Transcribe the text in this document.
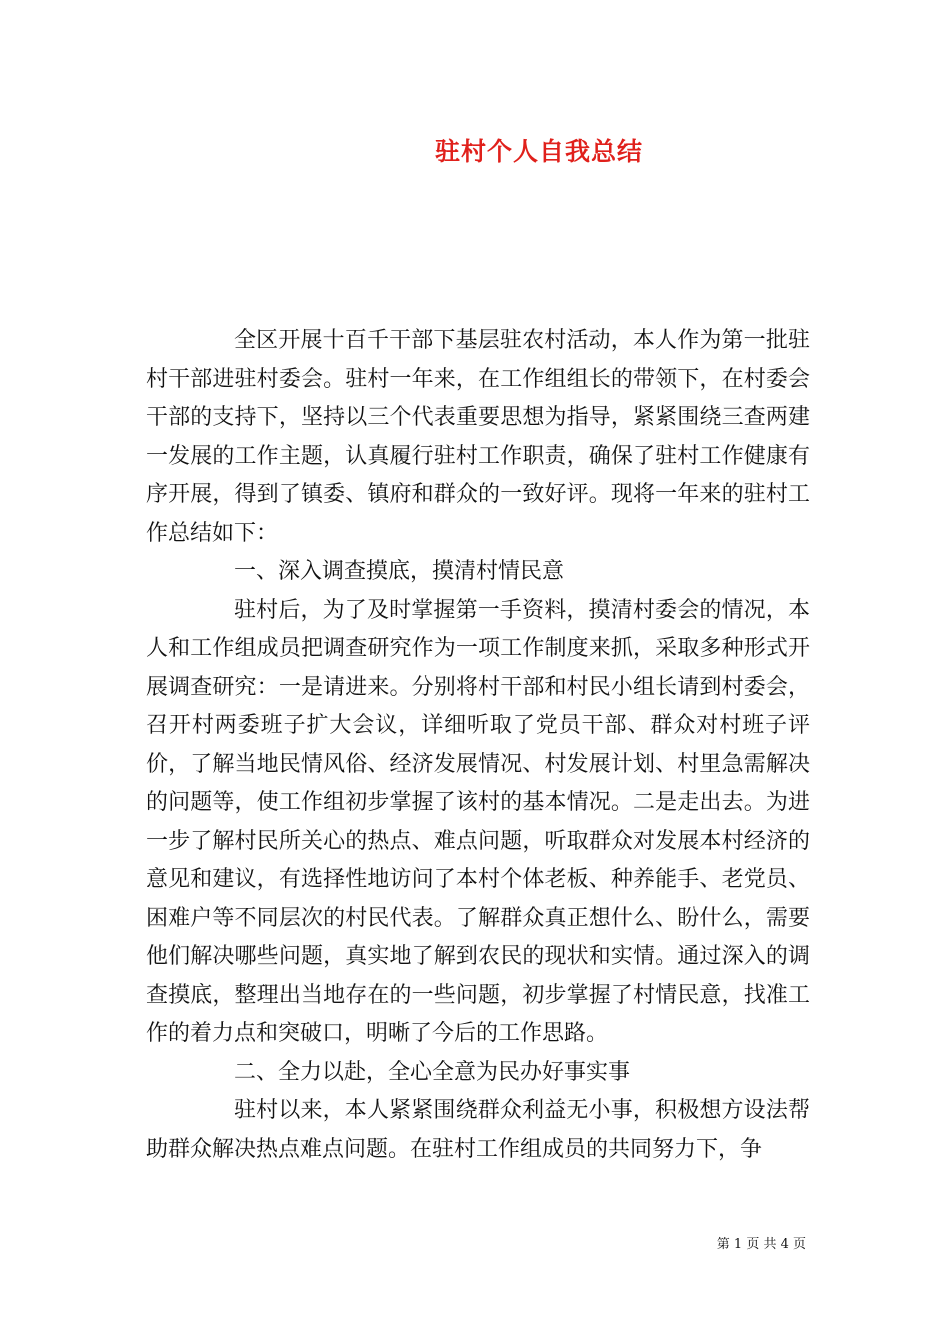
驻村个人自我总结

全区开展十百千干部下基层驻农村活动，本人作为第一批驻村干部进驻村委会。驻村一年来，在工作组组长的带领下，在村委会干部的支持下，坚持以三个代表重要思想为指导，紧紧围绕三查两建一发展的工作主题，认真履行驻村工作职责，确保了驻村工作健康有序开展，得到了镇委、镇府和群众的一致好评。现将一年来的驻村工作总结如下：

一、深入调查摸底，摸清村情民意

驻村后，为了及时掌握第一手资料，摸清村委会的情况，本人和工作组成员把调查研究作为一项工作制度来抓，采取多种形式开展调查研究：一是请进来。分别将村干部和村民小组长请到村委会，召开村两委班子扩大会议，详细听取了党员干部、群众对村班子评价，了解当地民情风俗、经济发展情况、村发展计划、村里急需解决的问题等，使工作组初步掌握了该村的基本情况。二是走出去。为进一步了解村民所关心的热点、难点问题，听取群众对发展本村经济的意见和建议，有选择性地访问了本村个体老板、种养能手、老党员、困难户等不同层次的村民代表。了解群众真正想什么、盼什么，需要他们解决哪些问题，真实地了解到农民的现状和实情。通过深入的调查摸底，整理出当地存在的一些问题，初步掌握了村情民意，找准工作的着力点和突破口，明晰了今后的工作思路。

二、全力以赴，全心全意为民办好事实事

驻村以来，本人紧紧围绕群众利益无小事，积极想方设法帮助群众解决热点难点问题。在驻村工作组成员的共同努力下，争

第 1 页 共 4 页
